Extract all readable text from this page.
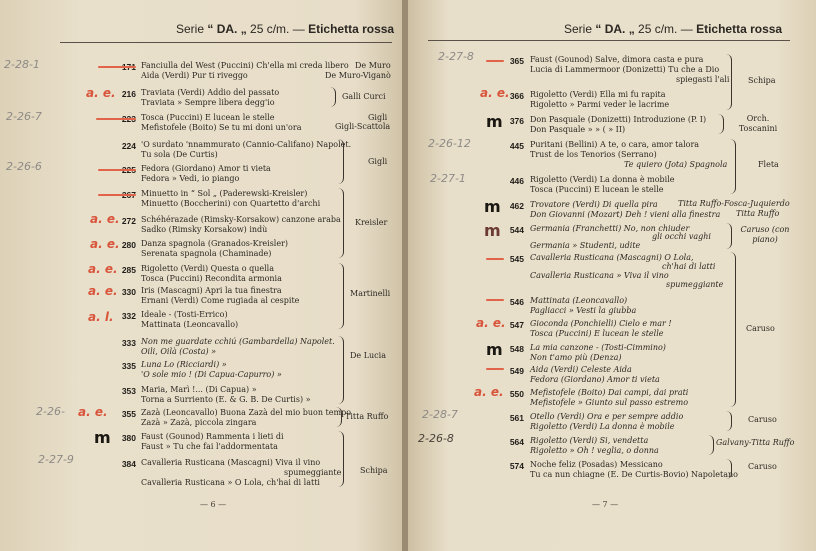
Serie “ DA. „ 25 c/m. — Etichetta rossa
Fanciulla del West (Puccini) Ch'ella mi creda libero
Aida (Verdi) Pur ti riveggo
De Muro
De Muro-Viganò
216 Traviata (Verdi) Addio del passato
Traviata » Sempre libera degg'io
Galli Curci
Tosca (Puccini) E lucean le stelle
Mefistofele (Boito) Se tu mi doni un'ora
Gigli
Gigli-Scattola
224 'O surdato 'nnammurato (Cannio-Califano) Napolet.
Tu sola (De Curtis)
Fedora (Giordano) Amor ti vieta
Fedora » Vedi, io piango
Gigli
Minuetto in “ Sol „ (Paderewski-Kreisler)
Minuetto (Boccherini) con Quartetto d'archi
272 Schéhérazade (Rimsky-Korsakow) canzone araba
Sadko (Rimsky Korsakow) indù
280 Danza spagnola (Granados-Kreisler)
Serenata spagnola (Chaminade)
Kreisler
285 Rigoletto (Verdi) Questa o quella
Tosca (Puccini) Recondita armonia
330 Iris (Mascagni) Apri la tua finestra
Ernani (Verdi) Come rugiada al cespite
332 Ideale - (Tosti-Errico)
Mattinata (Leoncavallo)
Martinelli
333 Non me guardate cchiú (Gambardella) Napolet.
Oili, Oilà (Costa) »
335 Luna Lo (Ricciardi) »
'O sole mio ! (Di Capua-Capurro) »
353 Maria, Marì !... (Di Capua) »
Torna a Surriento (E. & G. B. De Curtis) »
De Lucia
355 Zazà (Leoncavallo) Buona Zazà del mio buon tempo
Zazà » Zazà, piccola zingara
Titta Ruffo
380 Faust (Gounod) Rammenta i lieti di
Faust » Tu che fai l'addormentata
384 Cavalleria Rusticana (Mascagni) Viva il vino
spumeggiante
Cavalleria Rusticana » O Lola, ch'hai di latti
Schipa
— 6 —
2-28-1
a. e.
2-26-7
2-26-6
a. e.
a. e.
a. e.
a. e.
a. l.
2-26- a. e.
m
2-27-9
Serie “ DA. „ 25 c/m. — Etichetta rossa
365 Faust (Gounod) Salve, dimora casta e pura
Lucia di Lammermoor (Donizetti) Tu che a Dio
spiegasti l'ali
366 Rigoletto (Verdi) Ella mi fu rapita
Rigoletto » Parmi veder le lacrime
Schipa
376 Don Pasquale (Donizetti) Introduzione (P. I)
Don Pasquale » » ( » II)
Orch. Toscanini
445 Puritani (Bellini) A te, o cara, amor talora
Trust de los Tenorios (Serrano)
Te quiero (Jota) Spagnola
446 Rigoletto (Verdi) La donna è mobile
Tosca (Puccini) E lucean le stelle
Fleta
462 Trovatore (Verdi) Di quella pira
Don Giovanni (Mozart) Deh ! vieni alla finestra
Titta Ruffo-Fosca-Juquierdo
Titta Ruffo
544 Germania (Franchetti) No, non chiuder
gli occhi vaghi
Germania » Studenti, udite
Caruso (con piano)
545 Cavalleria Rusticana (Mascagni) O Lola,
ch'hai di latti
Cavalleria Rusticana » Viva il vino
spumeggiante
546 Mattinata (Leoncavallo)
Pagliacci » Vesti la giubba
547 Gioconda (Ponchielli) Cielo e mar !
Tosca (Puccini) E lucean le stelle
548 La mia canzone - (Tosti-Cimmino)
Non t'amo più (Denza)
549 Aida (Verdi) Celeste Aida
Fedora (Giordano) Amor ti vieta
550 Mefistofele (Boito) Dai campi, dai prati
Mefistofele » Giunto sul passo estremo
Caruso
561 Otello (Verdi) Ora e per sempre addio
Rigoletto (Verdi) La donna è mobile
Caruso
564 Rigoletto (Verdi) Si, vendetta
Rigoletto » Oh ! veglia, o donna
Galvany-Titta Ruffo
574 Noche feliz (Posadas) Messicano
Tu ca nun chiagne (E. De Curtis-Bovio) Napoletano
Caruso
— 7 —
2-27-8
a. e.
m
2-26-12
2-27-1
m
m
a. e.
m
a. e.
2-28-7
2-26-8
